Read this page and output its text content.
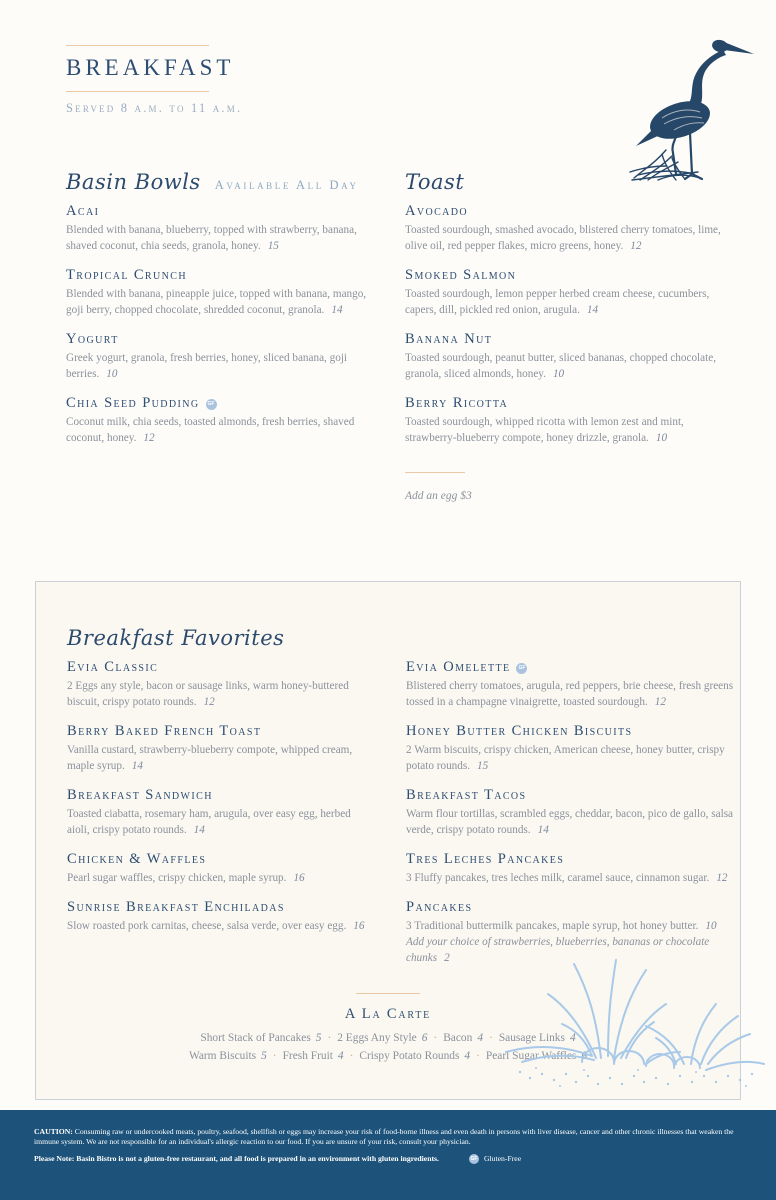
BREAKFAST
Served 8 a.m. to 11 a.m.
Basin Bowls Available All Day
Acai
Blended with banana, blueberry, topped with strawberry, banana, shaved coconut, chia seeds, granola, honey. 15
Tropical Crunch
Blended with banana, pineapple juice, topped with banana, mango, goji berry, chopped chocolate, shredded coconut, granola. 14
Yogurt
Greek yogurt, granola, fresh berries, honey, sliced banana, goji berries. 10
Chia Seed Pudding GF
Coconut milk, chia seeds, toasted almonds, fresh berries, shaved coconut, honey. 12
Toast
Avocado
Toasted sourdough, smashed avocado, blistered cherry tomatoes, lime, olive oil, red pepper flakes, micro greens, honey. 12
Smoked Salmon
Toasted sourdough, lemon pepper herbed cream cheese, cucumbers, capers, dill, pickled red onion, arugula. 14
Banana Nut
Toasted sourdough, peanut butter, sliced bananas, chopped chocolate, granola, sliced almonds, honey. 10
Berry Ricotta
Toasted sourdough, whipped ricotta with lemon zest and mint, strawberry-blueberry compote, honey drizzle, granola. 10
Add an egg $3
Breakfast Favorites
Evia Classic
2 Eggs any style, bacon or sausage links, warm honey-buttered biscuit, crispy potato rounds. 12
Berry Baked French Toast
Vanilla custard, strawberry-blueberry compote, whipped cream, maple syrup. 14
Breakfast Sandwich
Toasted ciabatta, rosemary ham, arugula, over easy egg, herbed aioli, crispy potato rounds. 14
Chicken & Waffles
Pearl sugar waffles, crispy chicken, maple syrup. 16
Sunrise Breakfast Enchiladas
Slow roasted pork carnitas, cheese, salsa verde, over easy egg. 16
Evia Omelette GF
Blistered cherry tomatoes, arugula, red peppers, brie cheese, fresh greens tossed in a champagne vinaigrette, toasted sourdough. 12
Honey Butter Chicken Biscuits
2 Warm biscuits, crispy chicken, American cheese, honey butter, crispy potato rounds. 15
Breakfast Tacos
Warm flour tortillas, scrambled eggs, cheddar, bacon, pico de gallo, salsa verde, crispy potato rounds. 14
Tres Leches Pancakes
3 Fluffy pancakes, tres leches milk, caramel sauce, cinnamon sugar. 12
Pancakes
3 Traditional buttermilk pancakes, maple syrup, hot honey butter. 10
Add your choice of strawberries, blueberries, bananas or chocolate chunks 2
A La Carte
Short Stack of Pancakes 5 · 2 Eggs Any Style 6 · Bacon 4 · Sausage Links 4
Warm Biscuits 5 · Fresh Fruit 4 · Crispy Potato Rounds 4 · Pearl Sugar Waffles 6

CAUTION: Consuming raw or undercooked meats, poultry, seafood, shellfish or eggs may increase your risk of food-borne illness and even death in persons with liver disease, cancer and other chronic illnesses that weaken the immune system. We are not responsible for an individual's allergic reaction to our food. If you are unsure of your risk, consult your physician.

Please Note: Basin Bistro is not a gluten-free restaurant, and all food is prepared in an environment with gluten ingredients.	GF Gluten-Free
